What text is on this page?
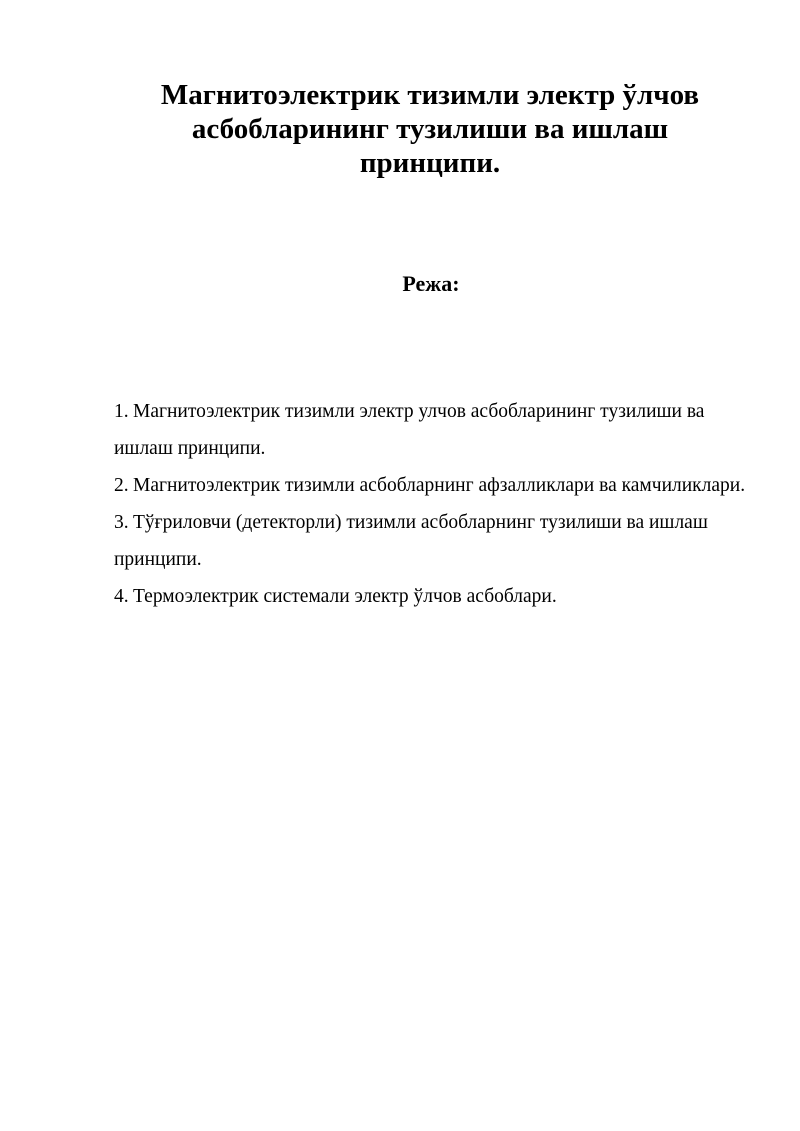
Магнитоэлектрик тизимли электр ўлчов асбобларининг тузилиши ва ишлаш принципи.
Режа:
1. Магнитоэлектрик тизимли электр улчов асбобларининг тузилиши ва ишлаш принципи.
2. Магнитоэлектрик тизимли асбобларнинг афзалликлари ва камчиликлари.
3. Тўғриловчи (детекторли) тизимли асбобларнинг тузилиши ва ишлаш принципи.
4. Термоэлектрик системали электр ўлчов асбоблари.
